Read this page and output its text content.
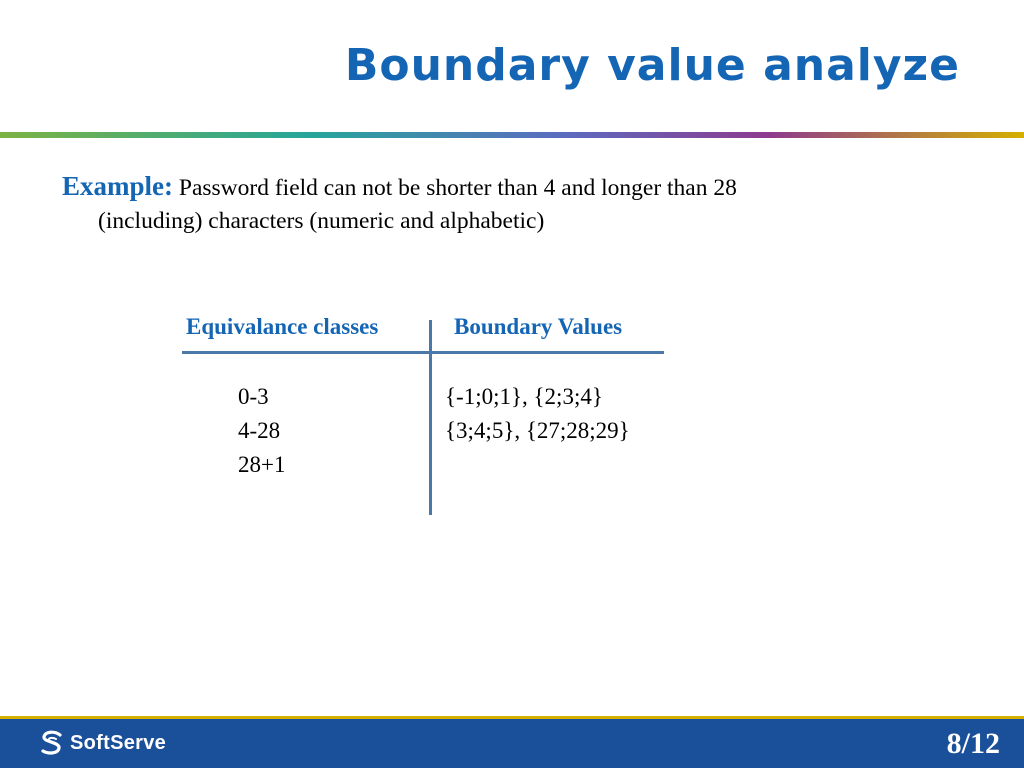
Boundary value analyze
Example: Password field can not be shorter than 4 and longer than 28
(including) characters (numeric and alphabetic)
Equivalance classes	Boundary Values
0-3
4-28
28+1
{-1;0;1}, {2;3;4}
{3;4;5}, {27;28;29}
SoftServe	8/12
